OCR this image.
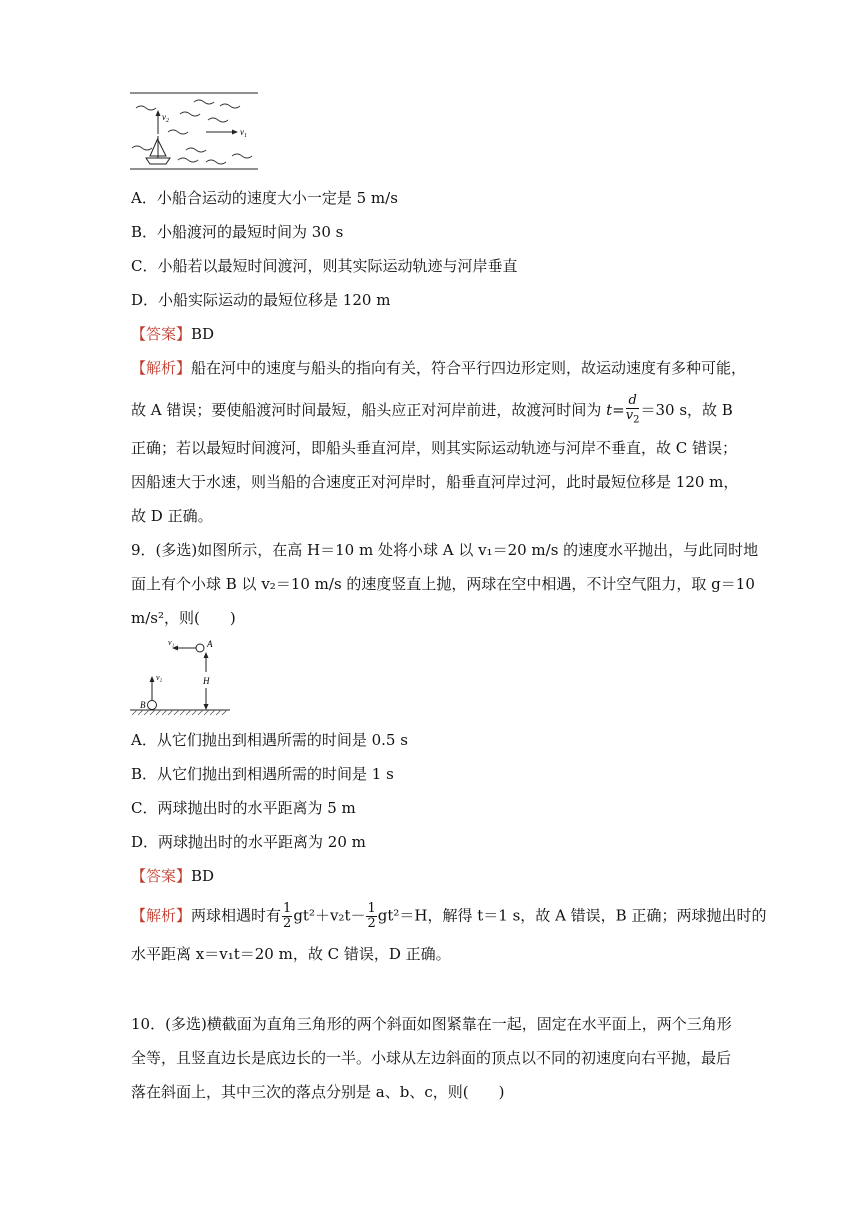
$v_2$
$v_1$
A．小船合运动的速度大小一定是 5 m/s
B．小船渡河的最短时间为 30 s
C．小船若以最短时间渡河，则其实际运动轨迹与河岸垂直
D．小船实际运动的最短位移是 120 m
【答案】BD
【解析】船在河中的速度与船头的指向有关，符合平行四边形定则，故运动速度有多种可能，
故 A 错误；要使船渡河时间最短，船头应正对河岸前进，故渡河时间为 $t= \frac{d}{v_2} =30$ s，故 B
正确；若以最短时间渡河，即船头垂直河岸，则其实际运动轨迹与河岸不垂直，故 C 错误；
因船速大于水速，则当船的合速度正对河岸时，船垂直河岸过河，此时最短位移是 120 m，
故 D 正确。
9．(多选)如图所示，在高 H＝10 m 处将小球 A 以 v₁＝20 m/s 的速度水平抛出，与此同时地
面上有个小球 B 以 v₂＝10 m/s 的速度竖直上抛，两球在空中相遇，不计空气阻力，取 g＝10
m/s²，则(　　)
A
v₁
H
B
v₂
A．从它们抛出到相遇所需的时间是 0.5 s
B．从它们抛出到相遇所需的时间是 1 s
C．两球抛出时的水平距离为 5 m
D．两球抛出时的水平距离为 20 m
【答案】BD
【解析】两球相遇时有 $\frac{1}{2} gt^2+v_2t- \frac{1}{2} gt^2=H$，解得 t＝1 s，故 A 错误，B 正确；两球抛出时的
水平距离 x＝v₁t＝20 m，故 C 错误，D 正确。
10．(多选)横截面为直角三角形的两个斜面如图紧靠在一起，固定在水平面上，两个三角形
全等，且竖直边长是底边长的一半。小球从左边斜面的顶点以不同的初速度向右平抛，最后
落在斜面上，其中三次的落点分别是 a、b、c，则(　　)
